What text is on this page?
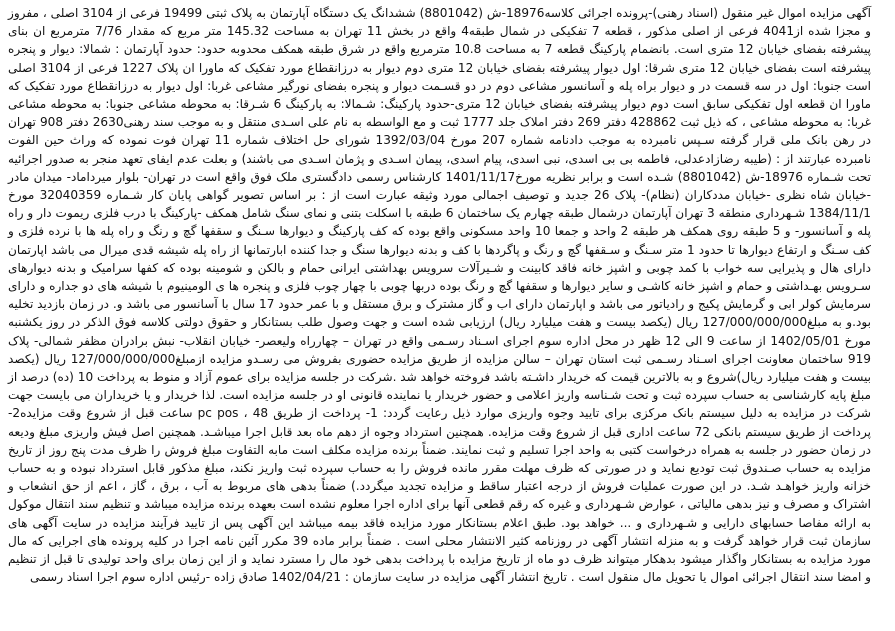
آگهی مزایده اموال غیر منقول (اسناد رهنی)-پرونده اجرائی کلاسه18976-ش (8801042) ششدانگ یک دستگاه آپارتمان به پلاک ثبتی 19499 فرعی از 3104 اصلی ، مفروز و مجزا شده از4041 فرعی از اصلی مذکور ، قطعه 7 تفکیکی در شمال طبقه4 واقع در بخش 11 تهران به مساحت 145.32 متر مربع که مقدار 7/76 مترمربع ان بنای پیشرفته بفضای خیابان 12 متری است. بانضمام پارکینگ قطعه 7 به مساحت 10.8 مترمربع واقع در شرق طبقه همکف محدوبه حدود: حدود آپارتمان : شمالا: دیوار و پنجره پیشرفته است بفضای خیابان 12 متری شرقا: اول دیوار پیشرفته بفضای خیابان 12 متری دوم دیوار به درزانقطاع مورد تفکیک که ماورا ان پلاک 1227 فرعی از 3104 اصلی است جنوبا: اول در سه قسمت در و دیوار براه پله و آسانسور مشاعی دوم در دو قسـمت دیوار و پنجره بفضای نورگیر مشاعی غربا: اول دیوار به درزانقطاع مورد تفکیک که ماورا ان قطعه اول تفکیکی سابق است دوم دیوار پیشرفته بفضای خیابان 12 متری-حدود پارکینگ: شـمالا: به پارکینگ 6 شـرقا: به محوطه مشاعی جنوبا: به محوطه مشاعی غربا: به محوطه مشاعی ، که ذیل ثبت 428862 دفتر 269 دفتر املاک جلد 1777 ثبت و مع الواسطه به نام علی اسـدی منتقل و به موجب سند رهنی2630 دفتر 908 تهران در رهن بانک ملی قرار گرفته سـپس نامبرده به موجب دادنامه شماره 207 مورخ 1392/03/04 شورای حل اختلاف شماره 11 تهران فوت نموده که وراث حین الفوت نامبرده عبارتند از : (طیبه رضازادعدلی، فاطمه بی بی اسدی، نبی اسدی، پیام اسدی، پیمان اسـدی و پژمان اسـدی می باشند) و بعلت عدم ایفای تعهد منجر به صدور اجرائیه تحت شـماره 18976-ش (8801042) شـده است و برابر نظریه مورخ1401/11/17 کارشناس رسمی دادگستری ملک فوق واقع است در تهران- بلوار میرداماد- میدان مادر -خیابان شاه نظری -خیابان مددکاران (نظام)- پلاک 26 جدید و توصیف اجمالی مورد وثیقه عبارت است از : بر اساس تصویر گواهی پایان کار شـماره 32040359 مورخ 1384/11/1 شـهرداری منطقه 3 تهران آپارتمان درشمال طبقه چهارم یک ساختمان 6 طبقه با اسکلت بتنی و نمای سنگ شامل همکف -پارکینگ با درب فلزی ریموت دار و راه پله و آسانسور- و 5 طبقه روی همکف هر طبقه 2 واحد و جمعا 10 واحد مسکونی واقع بوده که کف پارکینگ و دیوارها سـنگ و سقفها گچ و رنگ و راه پله ها با نرده فلزی و کف سـنگ و ارتفاع دیوارها تا حدود 1 متر سـنگ و سـقفها گچ و رنگ و پاگردها با کف و بدنه دیوارها سنگ و جدا کننده ابارتمانها از راه پله شیشه قدی میرال می باشد اپارتمان دارای هال و پذیرایی سه خواب با کمد چوبی و اشپز خانه فاقد کابینت و شـیرآلات سرویس بهداشتی ایرانی حمام و بالکن و شومینه بوده که کفها سرامیک و بدنه دیوارهای سـرویس بهـداشتی و حمام و اشپز خانه کاشـی و سایر دیوارها و سقفها گچ و رنگ بوده دربها چوبی با چهار چوب فلزی و پنجره ها ی الومینیوم با شیشه های دو جداره و دارای سرمایش کولر ابی و گرمایش پکیج و رادیاتور می باشد و اپارتمان دارای اب و گاز مشترک و برق مستقل و با عمر حدود 17 سال با آسانسور می باشد و. در زمان بازدید تخلیه بود.و به مبلغ127/000/000/000 ریال (یکصد بیست و هفت میلیارد ریال) ارزیابی شده است و جهت وصول طلب بستانکار و حقوق دولتی کلاسه فوق الذکر در روز یکشنبه مورخ 1402/05/01 از ساعت 9 الی 12 ظهر در محل اداره سوم اجرای اسـناد رسـمی واقع در تهران – چهارراه ولیعصر- خیابان انقلاب- نبش برادران مظفر شمالی- پلاک 919 ساختمان معاونت اجرای اسـناد رسـمی ثبت استان تهران – سالن مزایده از طریق مزایده حضوری بفروش می رسـدو مزایده ازمبلغ127/000/000/000 ریال (یکصد بیست و هفت میلیارد ریال)شروع و به بالاترین قیمت که خریدار داشـته باشد فروخته خواهد شد .شرکت در جلسه مزایده برای عموم آزاد و منوط به پرداخت 10 (ده) درصد از مبلغ پایه کارشناسی به حساب سپرده ثبت و تحت شـناسه واریز اعلامی و حضور خریدار یا نماینده قانونی او در جلسه مزایده است. لذا خریدار و یا خریداران می بایست جهت شرکت در مزایده به دلیل سیستم بانک مرکزی برای تایید وجوه واریزی موارد ذیل رعایت گردد: 1- پرداخت از طریق pc pos ، 48 ساعت قبل از شروع وقت مزایده2- پرداخت از طریق سیستم بانکی 72 ساعت اداری قبل از شروع وقت مزایده. همچنین استرداد وجوه از دهم ماه بعد قابل اجرا میباشـد. همچنین اصل فیش واریزی مبلغ ودیعه در زمان حضور در جلسه به همراه درخواست کتبی به واحد اجرا تسلیم و ثبت نمایند. ضمناً برنده مزایده مکلف است مابه التفاوت مبلغ فروش را ظرف مدت پنج روز از تاریخ مزایده به حساب صـندوق ثبت تودیع نماید و در صورتی که ظرف مهلت مقرر مانده فروش را به حساب سپرده ثبت واریز نکند، مبلغ مذکور قابل استرداد نبوده و به حساب خزانه واریز خواهـد شـد. در این صورت عملیات فروش از درجه اعتبار ساقط و مزایده تجدید میگردد.) ضمناً بدهی های مربوط به آب ، برق ، گاز ، اعم از حق انشعاب و اشتراک و مصرف و نیز بدهی مالیاتی ، عوارض شـهرداری و غیره که رقم قطعی آنها برای اداره اجرا معلوم نشده است بعهده برنده مزایده میباشد و تنظیم سند انتقال موکول به ارائه مفاصا حسابهای دارایی و شـهرداری و ... خواهد بود. طبق اعلام بستانکار مورد مزایده فاقد بیمه میباشد این آگهی پس از تایید فرآیند مزایده در سایت آگهی های سازمان ثبت قرار خواهد گرفت و به منزله انتشار آگهی در روزنامه کثیر الانتشار محلی است . ضمناً برابر ماده 39 مکرر آئین نامه اجرا در کلیه پرونده های اجرایی که مال مورد مزایده به بستانکار واگذار میشود بدهکار میتواند ظرف دو ماه از تاریخ مزایده با پرداخت بدهی خود مال را مسترد نماید و از این زمان برای واحد تولیدی تا قبل از تنظیم و امضا سند انتقال اجرائی اموال یا تحویل مال منقول است . تاریخ انتشار آگهی مزایده در سایت سازمان : 1402/04/21 صادق زاده -رئیس اداره سوم اجرا اسناد رسمی
